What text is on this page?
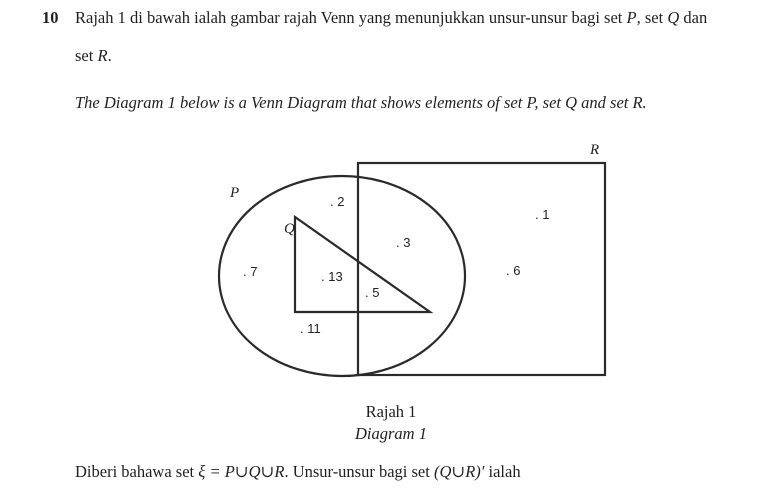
10 Rajah 1 di bawah ialah gambar rajah Venn yang menunjukkan unsur-unsur bagi set P, set Q dan
set R.
The Diagram 1 below is a Venn Diagram that shows elements of set P, set Q and set R.
P
Q
R
. 2
. 1
. 3
. 7	. 13
. 5
. 6
. 11
Rajah 1
Diagram 1
Diberi bahawa set ξ = P∪Q∪R. Unsur-unsur bagi set (Q∪R)′ ialah
